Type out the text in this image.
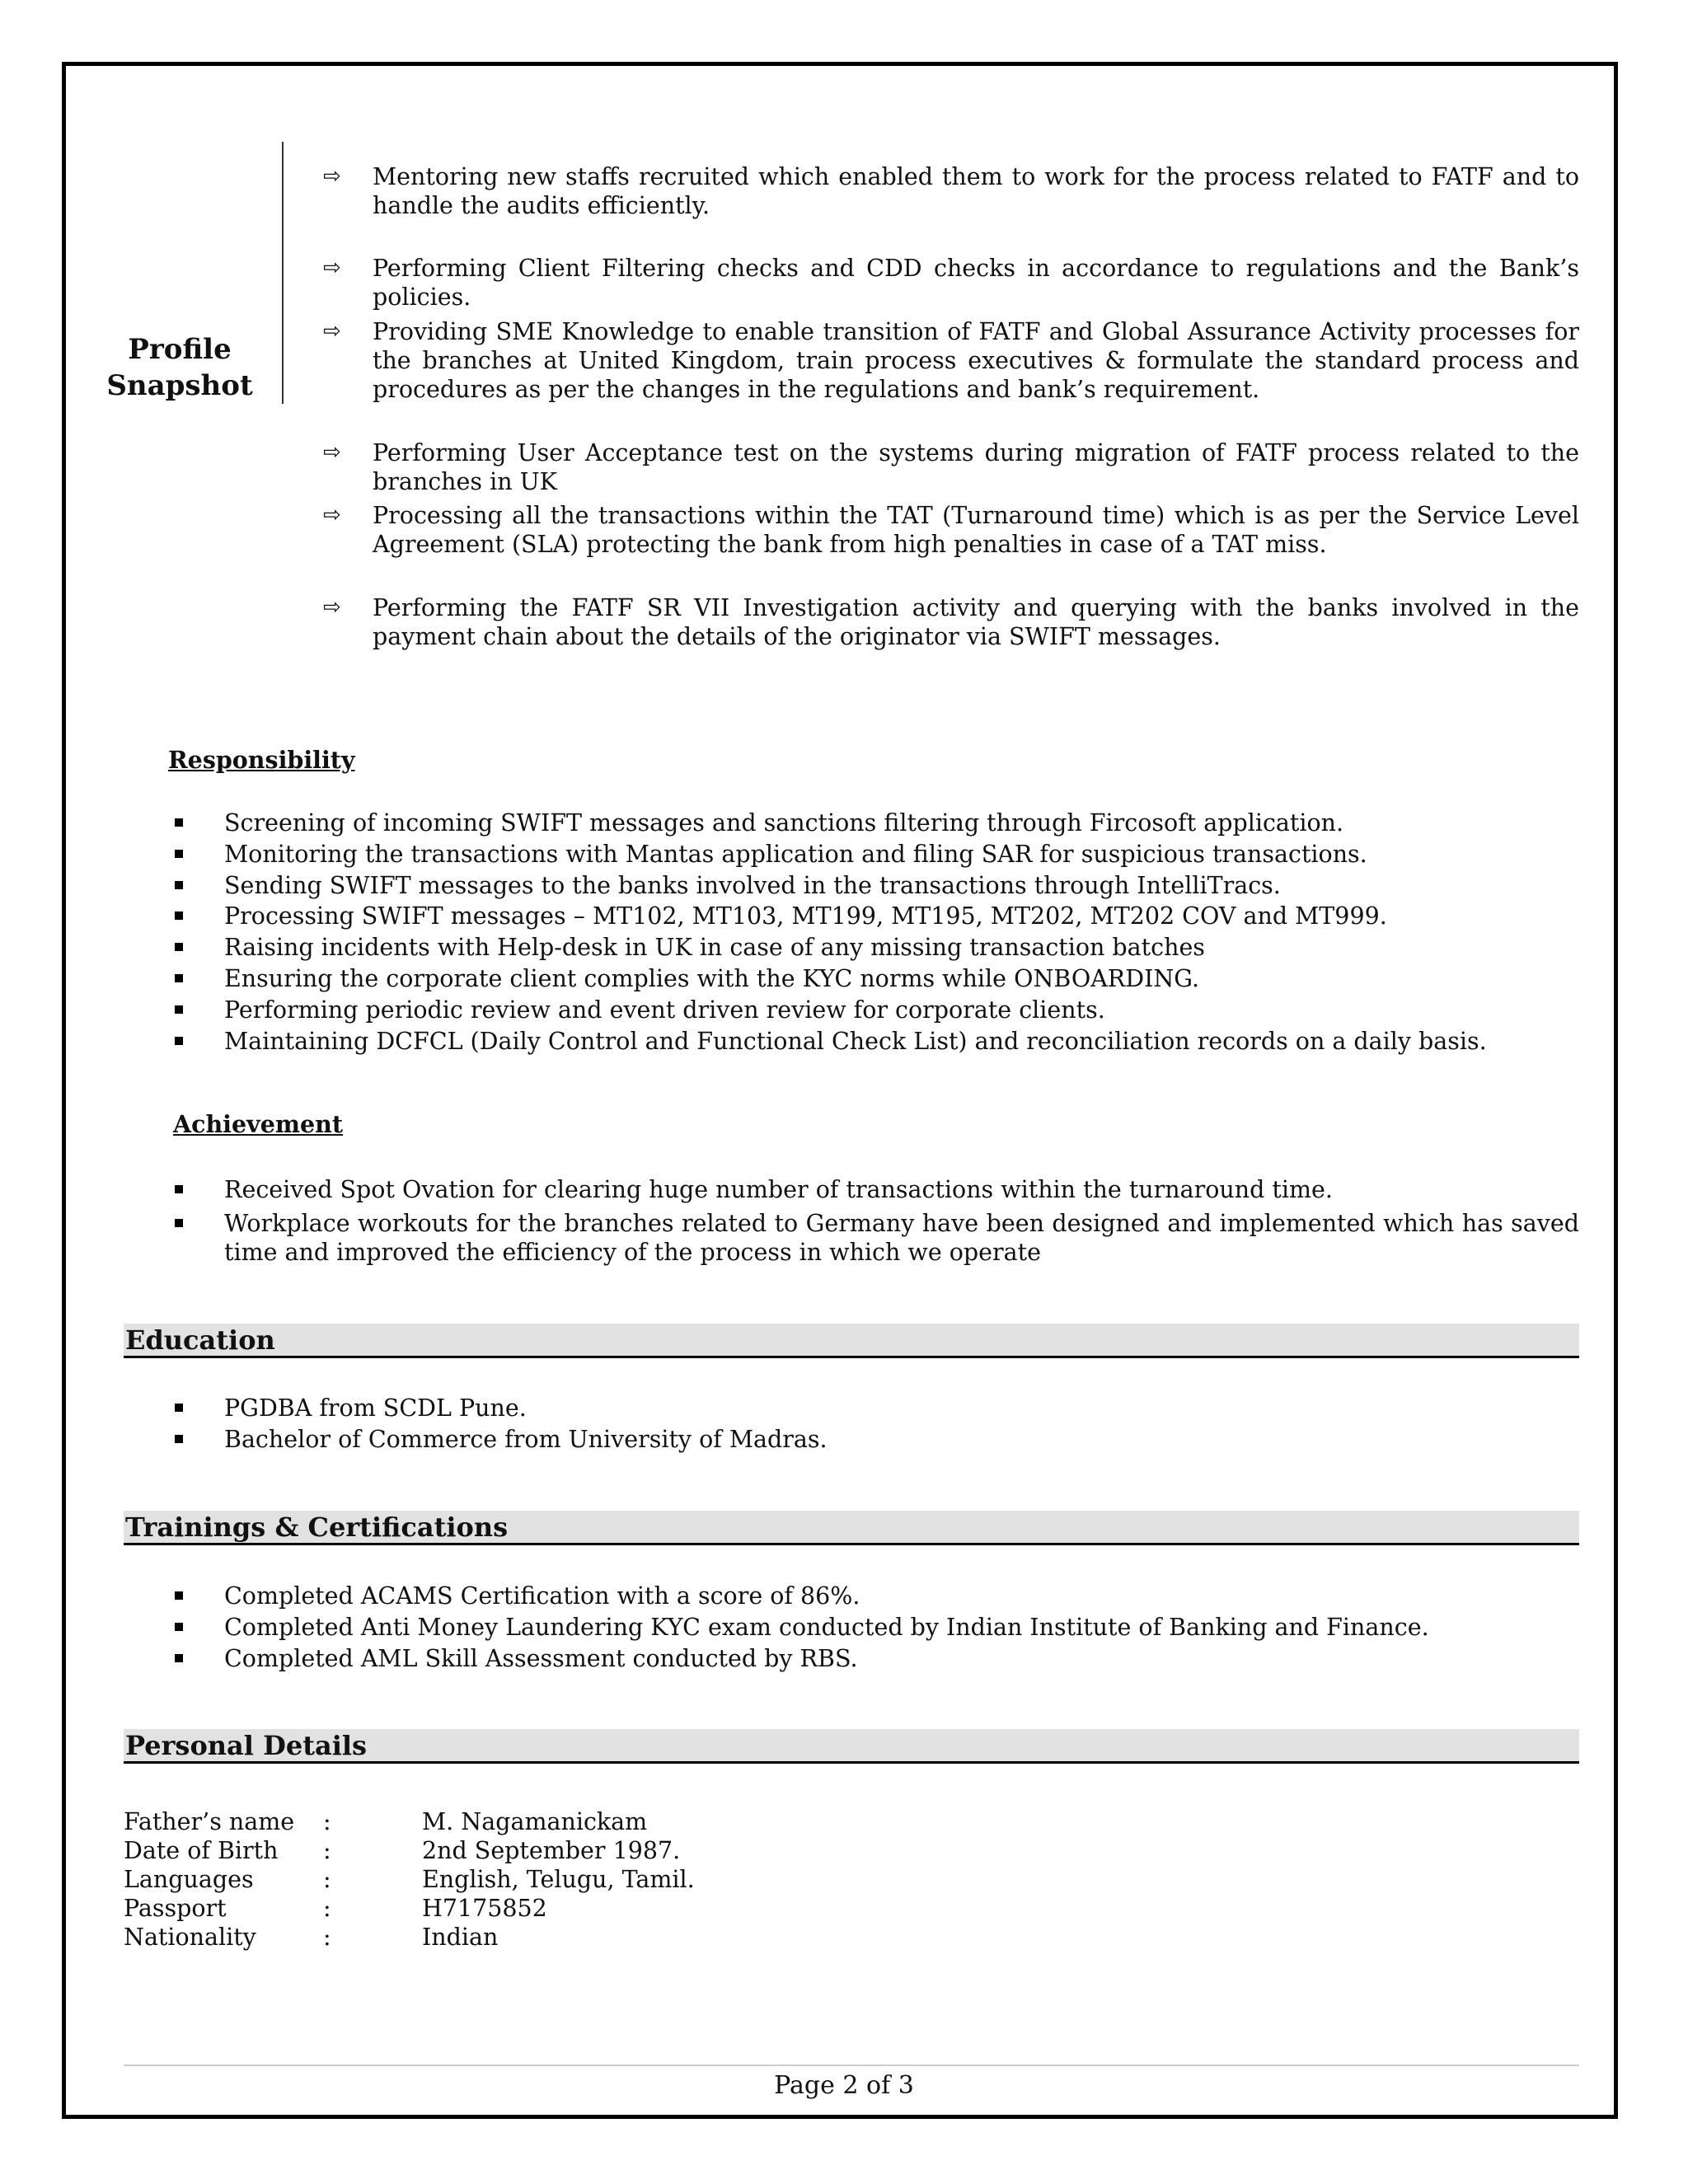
Profile
Snapshot
⇨ Mentoring new staffs recruited which enabled them to work for the process related to FATF and to handle the audits efficiently.
⇨ Performing Client Filtering checks and CDD checks in accordance to regulations and the Bank’s policies.
⇨ Providing SME Knowledge to enable transition of FATF and Global Assurance Activity processes for the branches at United Kingdom, train process executives & formulate the standard process and procedures as per the changes in the regulations and bank’s requirement.
⇨ Performing User Acceptance test on the systems during migration of FATF process related to the branches in UK
⇨ Processing all the transactions within the TAT (Turnaround time) which is as per the Service Level Agreement (SLA) protecting the bank from high penalties in case of a TAT miss.
⇨ Performing the FATF SR VII Investigation activity and querying with the banks involved in the payment chain about the details of the originator via SWIFT messages.
Responsibility
Screening of incoming SWIFT messages and sanctions filtering through Fircosoft application.
Monitoring the transactions with Mantas application and filing SAR for suspicious transactions.
Sending SWIFT messages to the banks involved in the transactions through IntelliTracs.
Processing SWIFT messages – MT102, MT103, MT199, MT195, MT202, MT202 COV and MT999.
Raising incidents with Help-desk in UK in case of any missing transaction batches
Ensuring the corporate client complies with the KYC norms while ONBOARDING.
Performing periodic review and event driven review for corporate clients.
Maintaining DCFCL (Daily Control and Functional Check List) and reconciliation records on a daily basis.
Achievement
Received Spot Ovation for clearing huge number of transactions within the turnaround time.
Workplace workouts for the branches related to Germany have been designed and implemented which has saved time and improved the efficiency of the process in which we operate
Education
PGDBA from SCDL Pune.
Bachelor of Commerce from University of Madras.
Trainings & Certifications
Completed ACAMS Certification with a score of 86%.
Completed Anti Money Laundering KYC exam conducted by Indian Institute of Banking and Finance.
Completed AML Skill Assessment conducted by RBS.
Personal Details
Father’s name :	M. Nagamanickam
Date of Birth :	2nd September 1987.
Languages	:	English, Telugu, Tamil.
Passport	:	H7175852
Nationality	:	Indian
Page 2 of 3
